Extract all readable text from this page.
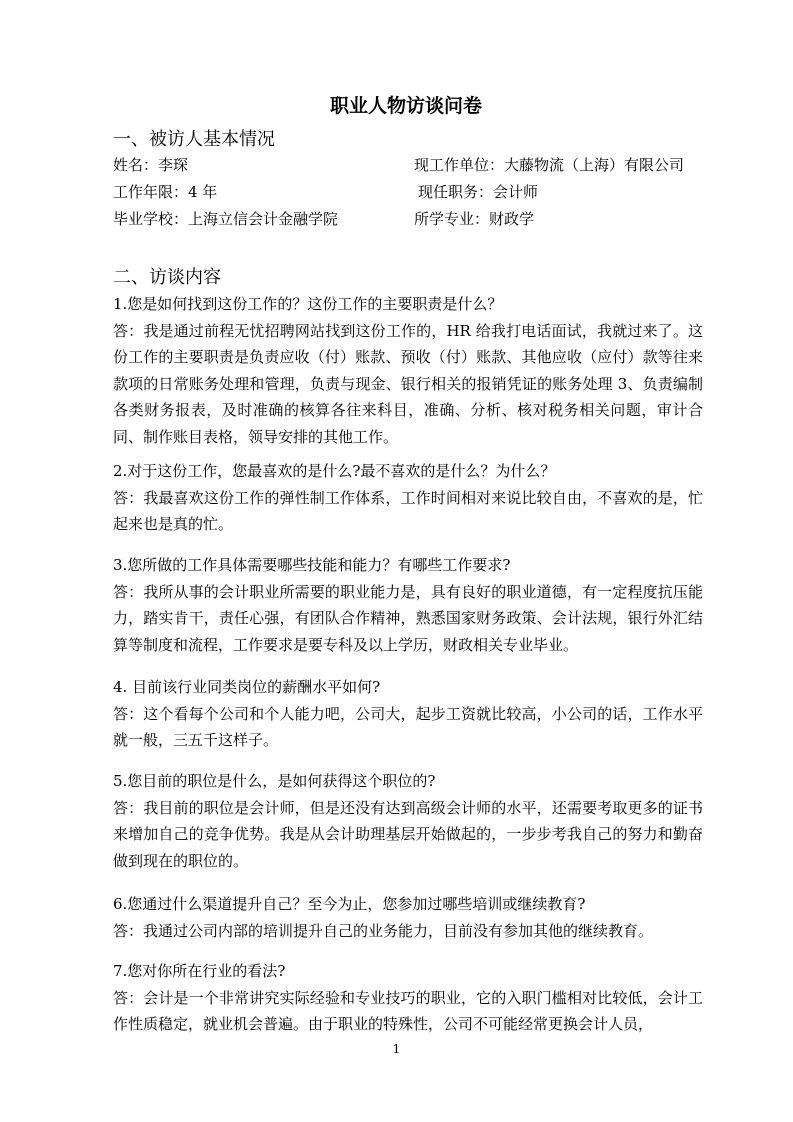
职业人物访谈问卷
一、被访人基本情况
姓名：李琛	现工作单位：大藤物流（上海）有限公司
工作年限：4 年	现任职务：会计师
毕业学校：上海立信会计金融学院	所学专业：财政学
二、访谈内容

1.您是如何找到这份工作的？这份工作的主要职责是什么？

答：我是通过前程无忧招聘网站找到这份工作的，HR 给我打电话面试，我就过来了。这份工作的主要职责是负责应收（付）账款、预收（付）账款、其他应收（应付）款等往来款项的日常账务处理和管理，负责与现金、银行相关的报销凭证的账务处理 3、负责编制各类财务报表，及时准确的核算各往来科目，准确、分析、核对税务相关问题，审计合同、制作账目表格，领导安排的其他工作。

2.对于这份工作，您最喜欢的是什么?最不喜欢的是什么？为什么？

答：我最喜欢这份工作的弹性制工作体系，工作时间相对来说比较自由，不喜欢的是，忙起来也是真的忙。

3.您所做的工作具体需要哪些技能和能力？有哪些工作要求?

答：我所从事的会计职业所需要的职业能力是，具有良好的职业道德，有一定程度抗压能力，踏实肯干，责任心强，有团队合作精神，熟悉国家财务政策、会计法规，银行外汇结算等制度和流程，工作要求是要专科及以上学历，财政相关专业毕业。

4. 目前该行业同类岗位的薪酬水平如何?

答：这个看每个公司和个人能力吧，公司大，起步工资就比较高，小公司的话，工作水平就一般，三五千这样子。

5.您目前的职位是什么，是如何获得这个职位的?

答：我目前的职位是会计师，但是还没有达到高级会计师的水平，还需要考取更多的证书来增加自己的竞争优势。我是从会计助理基层开始做起的，一步步考我自己的努力和勤奋做到现在的职位的。

6.您通过什么渠道提升自己？至今为止，您参加过哪些培训或继续教育?

答：我通过公司内部的培训提升自己的业务能力，目前没有参加其他的继续教育。

7.您对你所在行业的看法?

答：会计是一个非常讲究实际经验和专业技巧的职业，它的入职门槛相对比较低，会计工作性质稳定，就业机会普遍。由于职业的特殊性，公司不可能经常更换会计人员，

1
